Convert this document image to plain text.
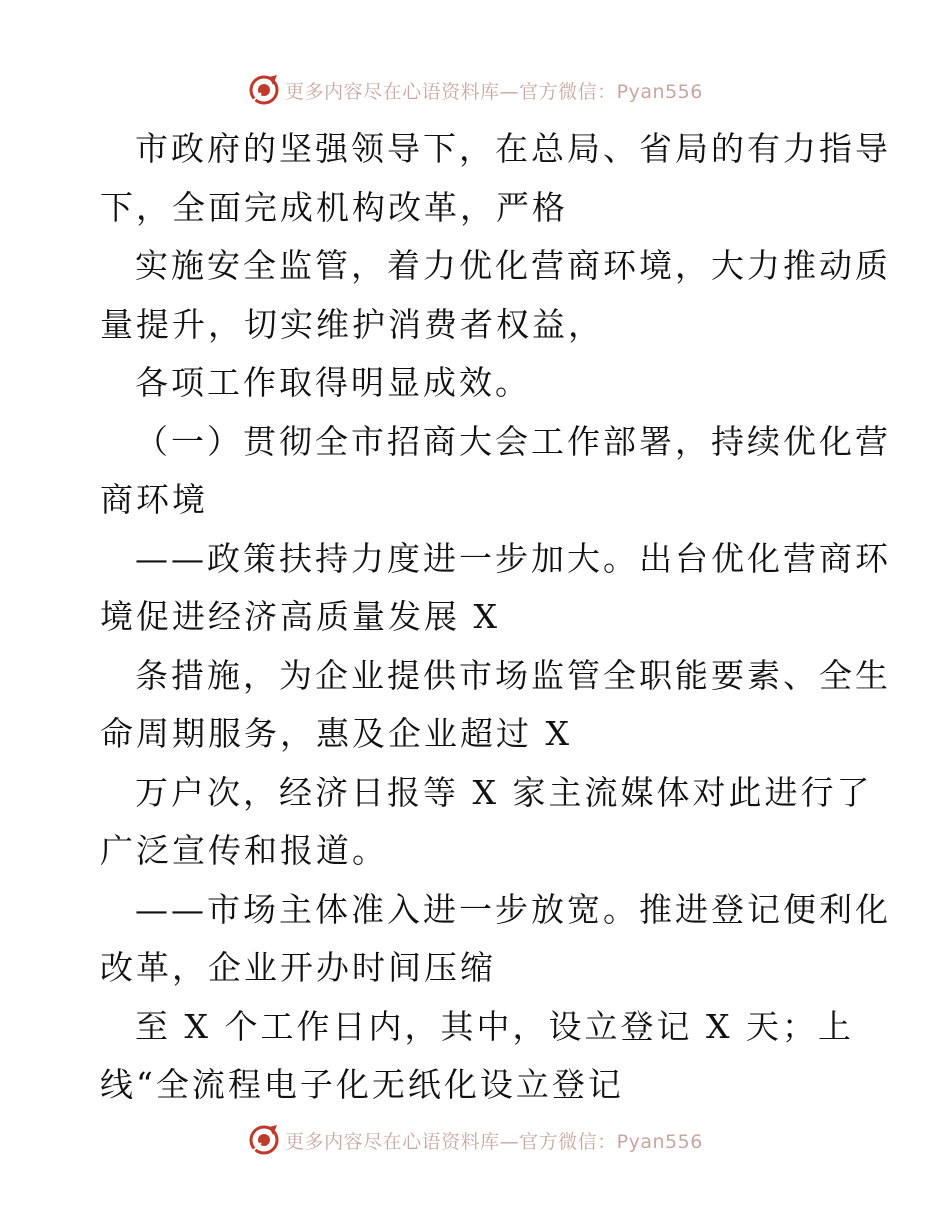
更多内容尽在心语资料库—官方微信：Pyan556
市政府的坚强领导下，在总局、省局的有力指导
下，全面完成机构改革，严格
实施安全监管，着力优化营商环境，大力推动质
量提升，切实维护消费者权益，
各项工作取得明显成效。
（一）贯彻全市招商大会工作部署，持续优化营
商环境
——政策扶持力度进一步加大。出台优化营商环
境促进经济高质量发展 X
条措施，为企业提供市场监管全职能要素、全生
命周期服务，惠及企业超过 X
万户次，经济日报等 X 家主流媒体对此进行了
广泛宣传和报道。
——市场主体准入进一步放宽。推进登记便利化
改革，企业开办时间压缩
至 X 个工作日内，其中，设立登记 X 天；上
线“全流程电子化无纸化设立登记
更多内容尽在心语资料库—官方微信：Pyan556
